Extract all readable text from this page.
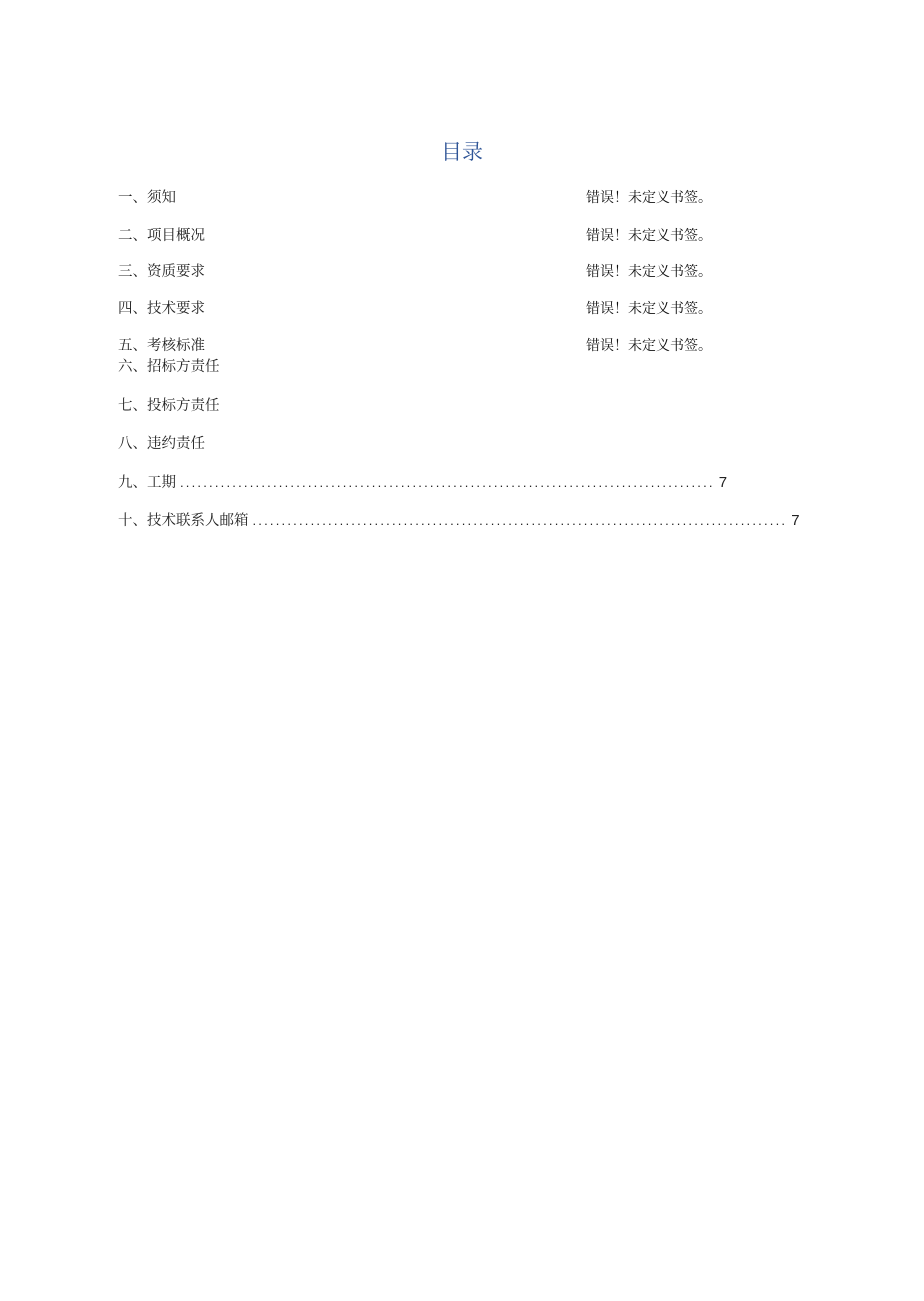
目录
一、须知	错误！未定义书签。
二、项目概况	错误！未定义书签。
三、资质要求	错误！未定义书签。
四、技术要求	错误！未定义书签。
五、考核标准	错误！未定义书签。
六、招标方责任
七、投标方责任
八、违约责任
九、工期 ............................................................................................ 7
十、技术联系人邮箱 ............................................................................................ 7
